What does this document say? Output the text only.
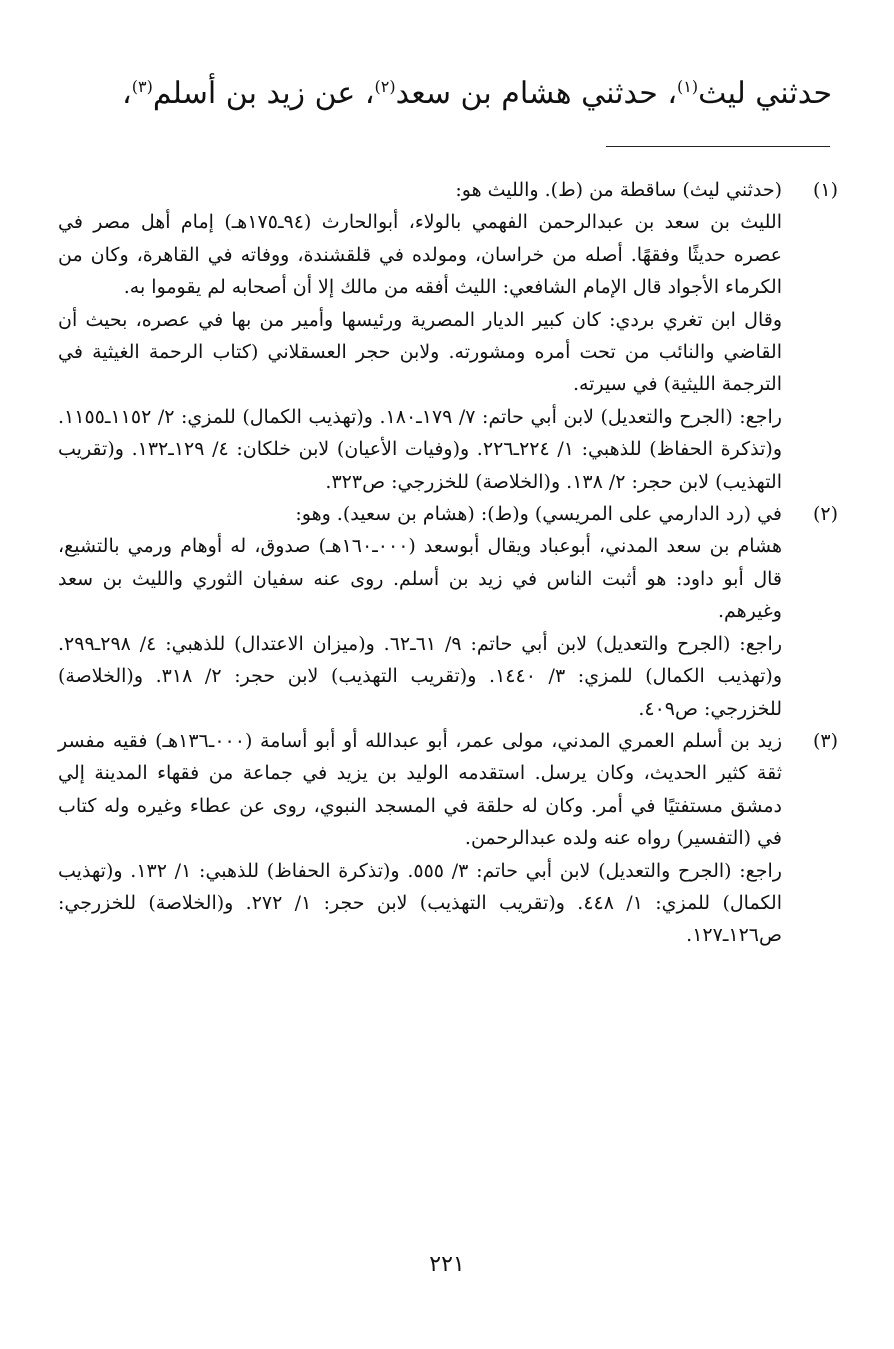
حدثني ليث$^{(١)}$، حدثني هشام بن سعد$^{(٢)}$، عن زيد بن أسلم$^{(٣)}$،
(١)

(حدثني ليث) ساقطة من (ط). والليث هو:

الليث بن سعد بن عبدالرحمن الفهمي بالولاء، أبوالحارث (٩٤ـ١٧٥هـ) إمام أهل مصر في عصره حديثًا وفقهًا. أصله من خراسان، ومولده في قلقشندة، ووفاته في القاهرة، وكان من الكرماء الأجواد قال الإمام الشافعي: الليث أفقه من مالك إلا أن أصحابه لم يقوموا به.

وقال ابن تغري بردي: كان كبير الديار المصرية ورئيسها وأمير من بها في عصره، بحيث أن القاضي والنائب من تحت أمره ومشورته. ولابن حجر العسقلاني (كتاب الرحمة الغيثية في الترجمة الليثية) في سيرته.

راجع: (الجرح والتعديل) لابن أبي حاتم: ٧/ ١٧٩ـ١٨٠. و(تهذيب الكمال) للمزي: ٢/ ١١٥٢ـ١١٥٥. و(تذكرة الحفاظ) للذهبي: ١/ ٢٢٤ـ٢٢٦. و(وفيات الأعيان) لابن خلكان: ٤/ ١٢٩ـ١٣٢. و(تقريب التهذيب) لابن حجر: ٢/ ١٣٨. و(الخلاصة) للخزرجي: ص٣٢٣.

(٢)

في (رد الدارمي على المريسي) و(ط): (هشام بن سعيد). وهو:

هشام بن سعد المدني، أبوعباد ويقال أبوسعد (٠٠٠ـ١٦٠هـ) صدوق، له أوهام ورمي بالتشيع، قال أبو داود: هو أثبت الناس في زيد بن أسلم. روى عنه سفيان الثوري والليث بن سعد وغيرهم.

راجع: (الجرح والتعديل) لابن أبي حاتم: ٩/ ٦١ـ٦٢. و(ميزان الاعتدال) للذهبي: ٤/ ٢٩٨ـ٢٩٩. و(تهذيب الكمال) للمزي: ٣/ ١٤٤٠. و(تقريب التهذيب) لابن حجر: ٢/ ٣١٨. و(الخلاصة) للخزرجي: ص٤٠٩.

(٣)

زيد بن أسلم العمري المدني، مولى عمر، أبو عبدالله أو أبو أسامة (٠٠٠ـ١٣٦هـ) فقيه مفسر ثقة كثير الحديث، وكان يرسل. استقدمه الوليد بن يزيد في جماعة من فقهاء المدينة إلي دمشق مستفتيًا في أمر. وكان له حلقة في المسجد النبوي، روى عن عطاء وغيره وله كتاب في (التفسير) رواه عنه ولده عبدالرحمن.

راجع: (الجرح والتعديل) لابن أبي حاتم: ٣/ ٥٥٥. و(تذكرة الحفاظ) للذهبي: ١/ ١٣٢. و(تهذيب الكمال) للمزي: ١/ ٤٤٨. و(تقريب التهذيب) لابن حجر: ١/ ٢٧٢. و(الخلاصة) للخزرجي: ص١٢٦ـ١٢٧.

٢٢١
